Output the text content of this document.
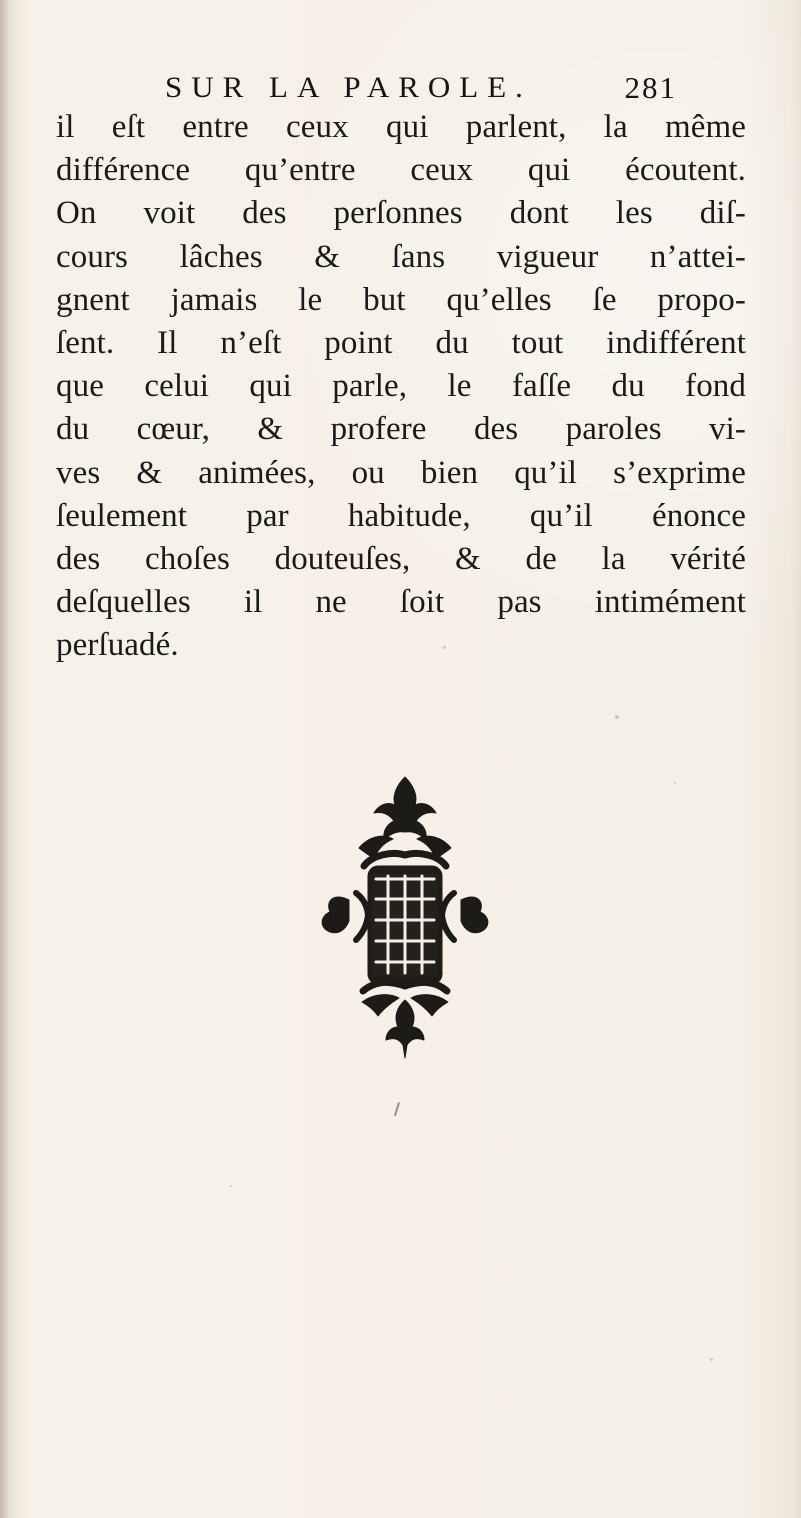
SUR LA PAROLE.	281
il eſt entre ceux qui parlent, la même
différence qu’entre ceux qui écoutent.
On voit des perſonnes dont les diſ-
cours lâches & ſans vigueur n’attei-
gnent jamais le but qu’elles ſe propo-
ſent. Il n’eſt point du tout indifférent
que celui qui parle, le faſſe du fond
du cœur, & profere des paroles vi-
ves & animées, ou bien qu’il s’exprime
ſeulement par habitude, qu’il énonce
des choſes douteuſes, & de la vérité
deſquelles il ne ſoit pas intimément
perſuadé.
